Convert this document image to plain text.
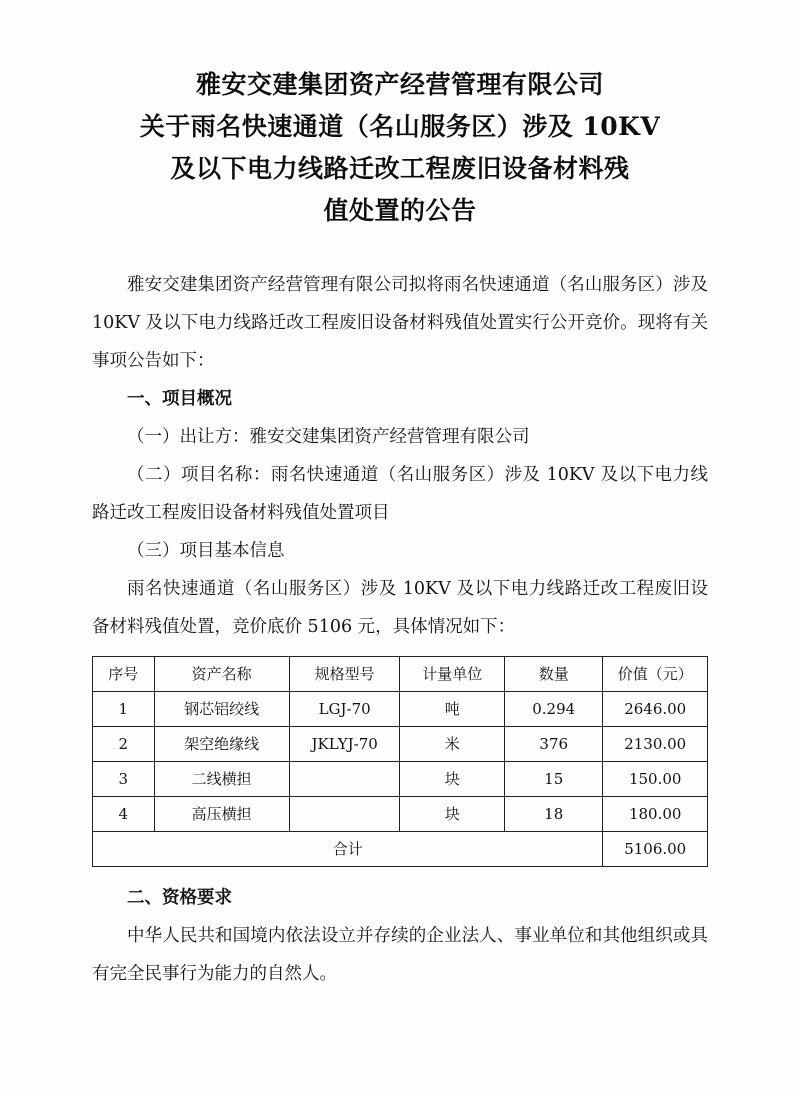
雅安交建集团资产经营管理有限公司
关于雨名快速通道（名山服务区）涉及 10KV
及以下电力线路迁改工程废旧设备材料残
值处置的公告

雅安交建集团资产经营管理有限公司拟将雨名快速通道（名山服务区）涉及 10KV 及以下电力线路迁改工程废旧设备材料残值处置实行公开竞价。现将有关事项公告如下：

一、项目概况

（一）出让方：雅安交建集团资产经营管理有限公司

（二）项目名称：雨名快速通道（名山服务区）涉及 10KV 及以下电力线路迁改工程废旧设备材料残值处置项目

（三）项目基本信息

雨名快速通道（名山服务区）涉及 10KV 及以下电力线路迁改工程废旧设备材料残值处置，竞价底价 5106 元，具体情况如下：

序号	资产名称	规格型号	计量单位	数量	价值（元）
1	钢芯铝绞线	LGJ-70	吨	0.294	2646.00
2	架空绝缘线	JKLYJ-70	米	376	2130.00
3	二线横担		块	15	150.00
4	高压横担		块	18	180.00
合计					5106.00

二、资格要求

中华人民共和国境内依法设立并存续的企业法人、事业单位和其他组织或具有完全民事行为能力的自然人。
